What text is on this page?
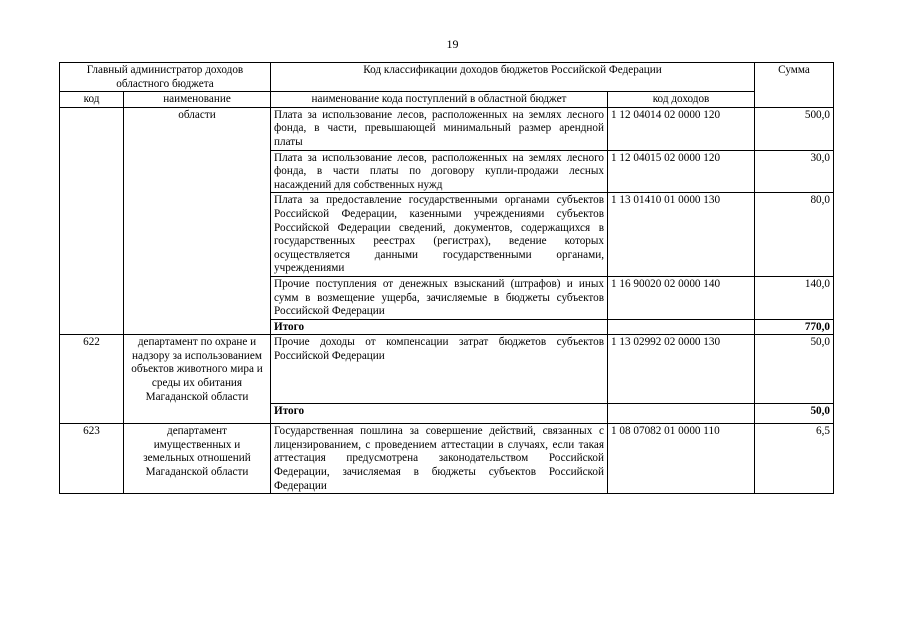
19
Главный администратор доходов областного бюджета		Код классификации доходов бюджетов Российской Федерации		Сумма
код	наименование	наименование кода поступлений в областной бюджет	код доходов	
	области	Плата за использование лесов, расположенных на землях лесного фонда, в части, превышающей минимальный размер арендной платы	1 12 04014 02 0000 120	500,0
		Плата за использование лесов, расположенных на землях лесного фонда, в части платы по договору купли-продажи лесных насаждений для собственных нужд	1 12 04015 02 0000 120	30,0
		Плата за предоставление государственными органами субъектов Российской Федерации, казенными учреждениями субъектов Российской Федерации сведений, документов, содержащихся в государственных реестрах (регистрах), ведение которых осуществляется данными государственными органами, учреждениями	1 13 01410 01 0000 130	80,0
		Прочие поступления от денежных взысканий (штрафов) и иных сумм в возмещение ущерба, зачисляемые в бюджеты субъектов Российской Федерации	1 16 90020 02 0000 140	140,0
		Итого		770,0
622	департамент по охране и надзору за использованием объектов животного мира и среды их обитания Магаданской области	Прочие доходы от компенсации затрат бюджетов субъектов Российской Федерации	1 13 02992 02 0000 130	50,0
		Итого		50,0
623	департамент имущественных и земельных отношений Магаданской области	Государственная пошлина за совершение действий, связанных с лицензированием, с проведением аттестации в случаях, если такая аттестация предусмотрена законодательством Российской Федерации, зачисляемая в бюджеты субъектов Российской Федерации	1 08 07082 01 0000 110	6,5
